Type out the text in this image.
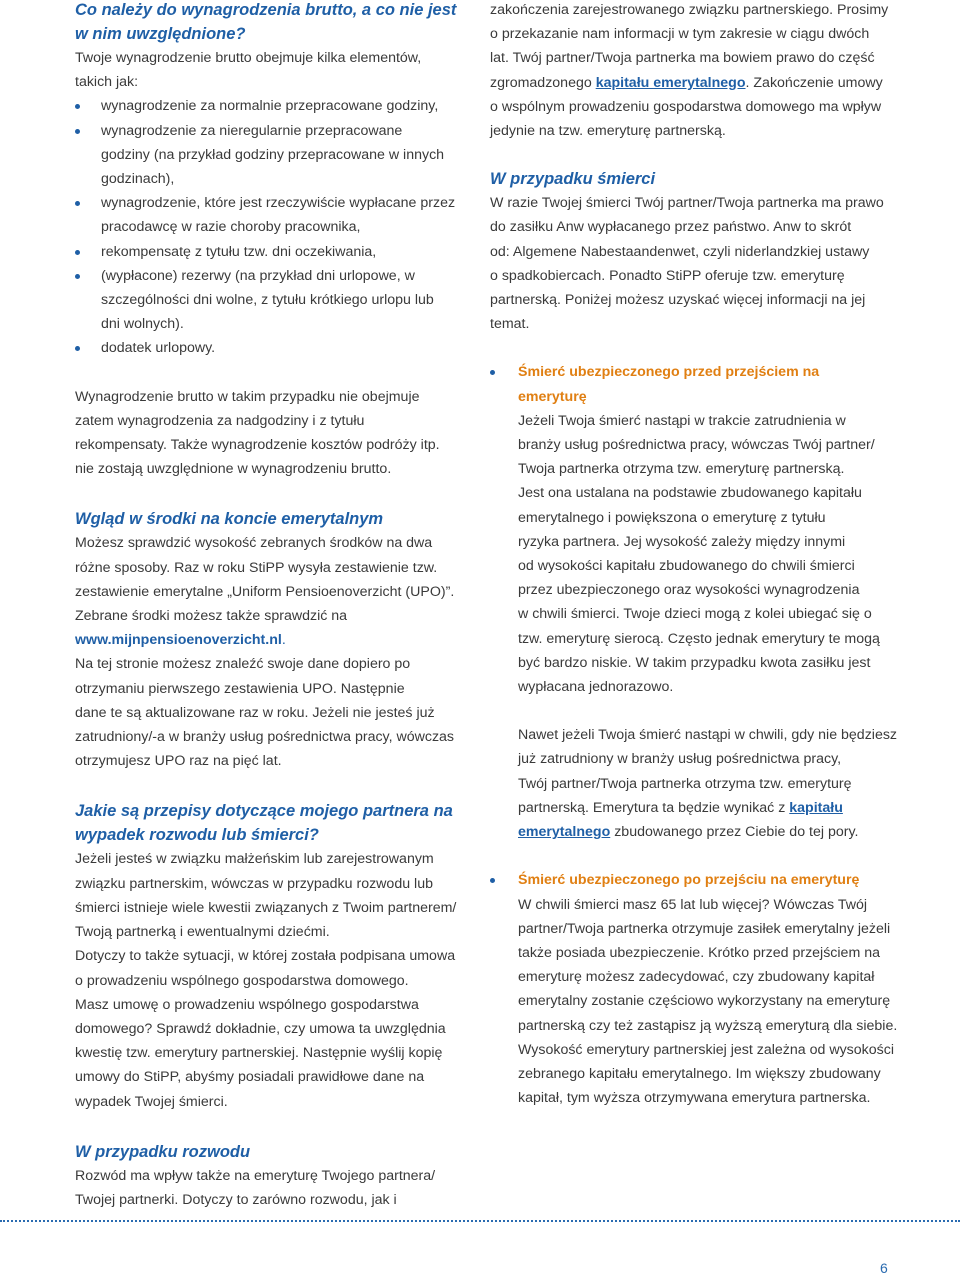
Co należy do wynagrodzenia brutto, a co nie jest w nim uwzględnione?

Twoje wynagrodzenie brutto obejmuje kilka elementów,

takich jak:

wynagrodzenie za normalnie przepracowane godziny,
wynagrodzenie za nieregularnie przepracowane
godziny (na przykład godziny przepracowane w innych
godzinach),
wynagrodzenie, które jest rzeczywiście wypłacane przez
pracodawcę w razie choroby pracownika,
rekompensatę z tytułu tzw. dni oczekiwania,
(wypłacone) rezerwy (na przykład dni urlopowe, w
szczególności dni wolne, z tytułu krótkiego urlopu lub
dni wolnych).
dodatek urlopowy.

Wynagrodzenie brutto w takim przypadku nie obejmuje

zatem wynagrodzenia za nadgodziny i z tytułu

rekompensaty. Także wynagrodzenie kosztów podróży itp.

nie zostają uwzględnione w wynagrodzeniu brutto.

Wgląd w środki na koncie emerytalnym

Możesz sprawdzić wysokość zebranych środków na dwa

różne sposoby. Raz w roku StiPP wysyła zestawienie tzw.

zestawienie emerytalne „Uniform Pensioenoverzicht (UPO)”.

Zebrane środki możesz także sprawdzić na

www.mijnpensioenoverzicht.nl.

Na tej stronie możesz znaleźć swoje dane dopiero po

otrzymaniu pierwszego zestawienia UPO. Następnie

dane te są aktualizowane raz w roku. Jeżeli nie jesteś już

zatrudniony/-a w branży usług pośrednictwa pracy, wówczas

otrzymujesz UPO raz na pięć lat.

Jakie są przepisy dotyczące mojego partnera na wypadek rozwodu lub śmierci?

Jeżeli jesteś w związku małżeńskim lub zarejestrowanym

związku partnerskim, wówczas w przypadku rozwodu lub

śmierci istnieje wiele kwestii związanych z Twoim partnerem/

Twoją partnerką i ewentualnymi dziećmi.

Dotyczy to także sytuacji, w której została podpisana umowa

o prowadzeniu wspólnego gospodarstwa domowego.

Masz umowę o prowadzeniu wspólnego gospodarstwa

domowego? Sprawdź dokładnie, czy umowa ta uwzględnia

kwestię tzw. emerytury partnerskiej. Następnie wyślij kopię

umowy do StiPP, abyśmy posiadali prawidłowe dane na

wypadek Twojej śmierci.

W przypadku rozwodu

Rozwód ma wpływ także na emeryturę Twojego partnera/

Twojej partnerki. Dotyczy to zarówno rozwodu, jak i

zakończenia zarejestrowanego związku partnerskiego. Prosimy

o przekazanie nam informacji w tym zakresie w ciągu dwóch

lat. Twój partner/Twoja partnerka ma bowiem prawo do część

zgromadzonego kapitału emerytalnego. Zakończenie umowy

o wspólnym prowadzeniu gospodarstwa domowego ma wpływ

jedynie na tzw. emeryturę partnerską.

W przypadku śmierci

W razie Twojej śmierci Twój partner/Twoja partnerka ma prawo

do zasiłku Anw wypłacanego przez państwo. Anw to skrót

od: Algemene Nabestaandenwet, czyli niderlandzkiej ustawy

o spadkobiercach. Ponadto StiPP oferuje tzw. emeryturę

partnerską. Poniżej możesz uzyskać więcej informacji na jej

temat.

Śmierć ubezpieczonego przed przejściem na
emeryturę
Jeżeli Twoja śmierć nastąpi w trakcie zatrudnienia w
branży usług pośrednictwa pracy, wówczas Twój partner/
Twoja partnerka otrzyma tzw. emeryturę partnerską.
Jest ona ustalana na podstawie zbudowanego kapitału
emerytalnego i powiększona o emeryturę z tytułu
ryzyka partnera. Jej wysokość zależy między innymi
od wysokości kapitału zbudowanego do chwili śmierci
przez ubezpieczonego oraz wysokości wynagrodzenia
w chwili śmierci. Twoje dzieci mogą z kolei ubiegać się o
tzw. emeryturę sierocą. Często jednak emerytury te mogą
być bardzo niskie. W takim przypadku kwota zasiłku jest
wypłacana jednorazowo.
Nawet jeżeli Twoja śmierć nastąpi w chwili, gdy nie będziesz
już zatrudniony w branży usług pośrednictwa pracy,
Twój partner/Twoja partnerka otrzyma tzw. emeryturę
partnerską. Emerytura ta będzie wynikać z kapitału
emerytalnego zbudowanego przez Ciebie do tej pory.
Śmierć ubezpieczonego po przejściu na emeryturę
W chwili śmierci masz 65 lat lub więcej? Wówczas Twój
partner/Twoja partnerka otrzymuje zasiłek emerytalny jeżeli
także posiada ubezpieczenie. Krótko przed przejściem na
emeryturę możesz zadecydować, czy zbudowany kapitał
emerytalny zostanie częściowo wykorzystany na emeryturę
partnerską czy też zastąpisz ją wyższą emeryturą dla siebie.
Wysokość emerytury partnerskiej jest zależna od wysokości
zebranego kapitału emerytalnego. Im większy zbudowany
kapitał, tym wyższa otrzymywana emerytura partnerska.
6
